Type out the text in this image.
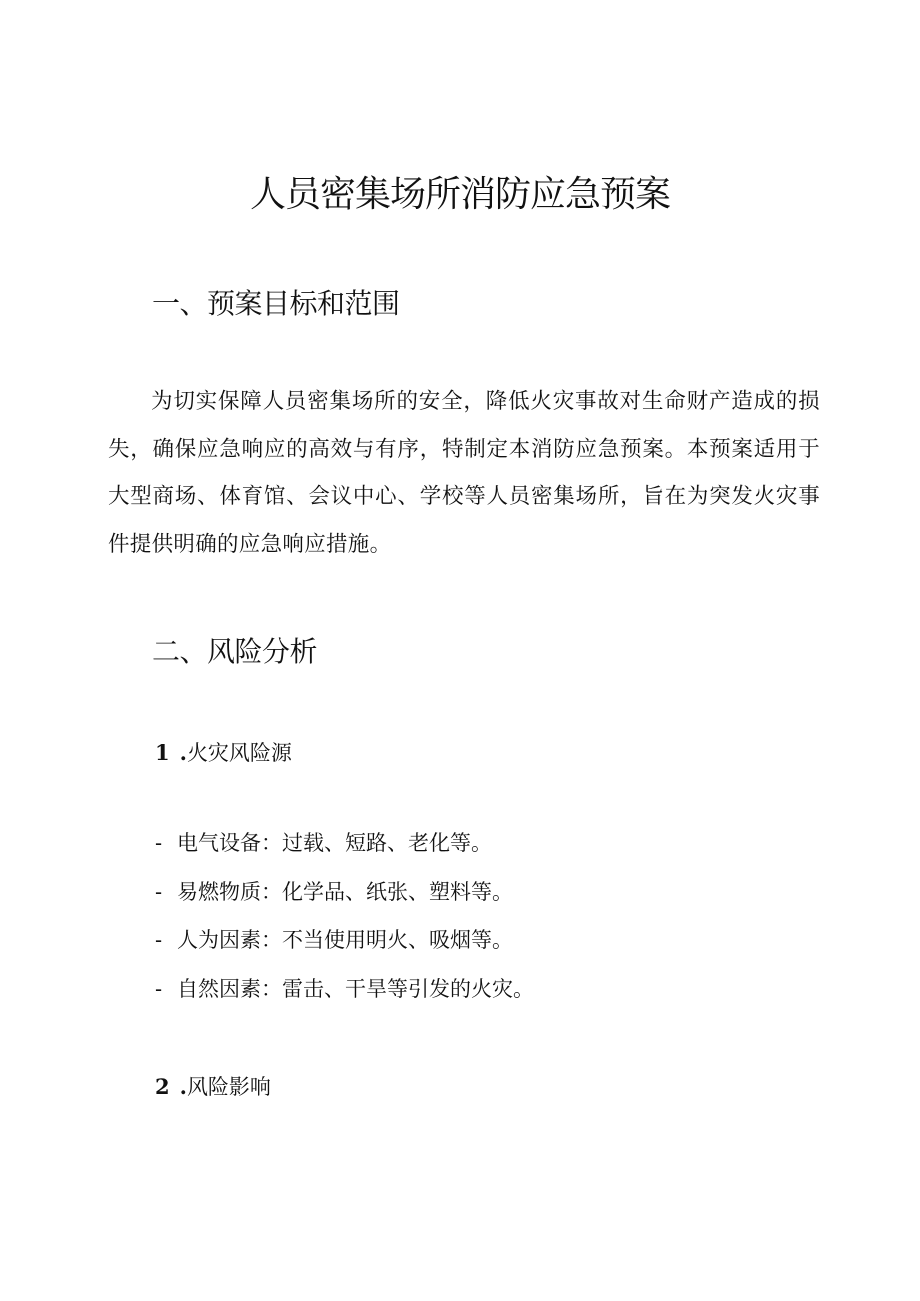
人员密集场所消防应急预案
一、预案目标和范围

为切实保障人员密集场所的安全，降低火灾事故对生命财产造成的损失，确保应急响应的高效与有序，特制定本消防应急预案。本预案适用于大型商场、体育馆、会议中心、学校等人员密集场所，旨在为突发火灾事件提供明确的应急响应措施。

二、风险分析
1 .火灾风险源
- 电气设备：过载、短路、老化等。
- 易燃物质：化学品、纸张、塑料等。
- 人为因素：不当使用明火、吸烟等。
- 自然因素：雷击、干旱等引发的火灾。
2 .风险影响
